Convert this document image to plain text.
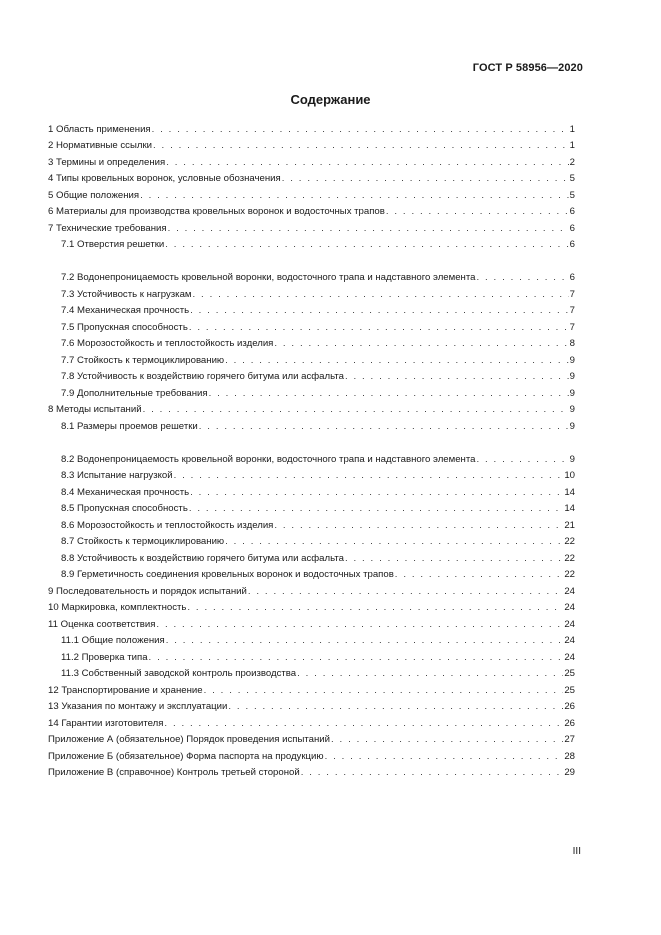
ГОСТ Р 58956—2020
Содержание
1 Область применения . . .	1
2 Нормативные ссылки . . .	1
3 Термины и определения . . .	2
4 Типы кровельных воронок, условные обозначения . . .	5
5 Общие положения . . .	5
6 Материалы для производства кровельных воронок и водосточных трапов . . .	6
7 Технические требования . . .	6
7.1 Отверстия решетки . . .	6
7.2 Водонепроницаемость кровельной воронки, водосточного трапа и надставного элемента . . .	6
7.3 Устойчивость к нагрузкам . . .	7
7.4 Механическая прочность . . .	7
7.5 Пропускная способность . . .	7
7.6 Морозостойкость и теплостойкость изделия . . .	8
7.7 Стойкость к термоциклированию . . .	9
7.8 Устойчивость к воздействию горячего битума или асфальта . . .	9
7.9 Дополнительные требования . . .	9
8 Методы испытаний . . .	9
8.1 Размеры проемов решетки . . .	9
8.2 Водонепроницаемость кровельной воронки, водосточного трапа и надставного элемента . . .	9
8.3 Испытание нагрузкой . . .	10
8.4 Механическая прочность . . .	14
8.5 Пропускная способность . . .	14
8.6 Морозостойкость и теплостойкость изделия . . .	21
8.7 Стойкость к термоциклированию . . .	22
8.8 Устойчивость к воздействию горячего битума или асфальта . . .	22
8.9 Герметичность соединения кровельных воронок и водосточных трапов . . .	22
9 Последовательность и порядок испытаний . . .	24
10 Маркировка, комплектность . . .	24
11 Оценка соответствия . . .	24
11.1 Общие положения . . .	24
11.2 Проверка типа . . .	24
11.3 Собственный заводской контроль производства . . .	25
12 Транспортирование и хранение . . .	25
13 Указания по монтажу и эксплуатации . . .	26
14 Гарантии изготовителя . . .	26
Приложение А (обязательное) Порядок проведения испытаний . . .	27
Приложение Б (обязательное) Форма паспорта на продукцию . . .	28
Приложение В (справочное) Контроль третьей стороной . . .	29
III
